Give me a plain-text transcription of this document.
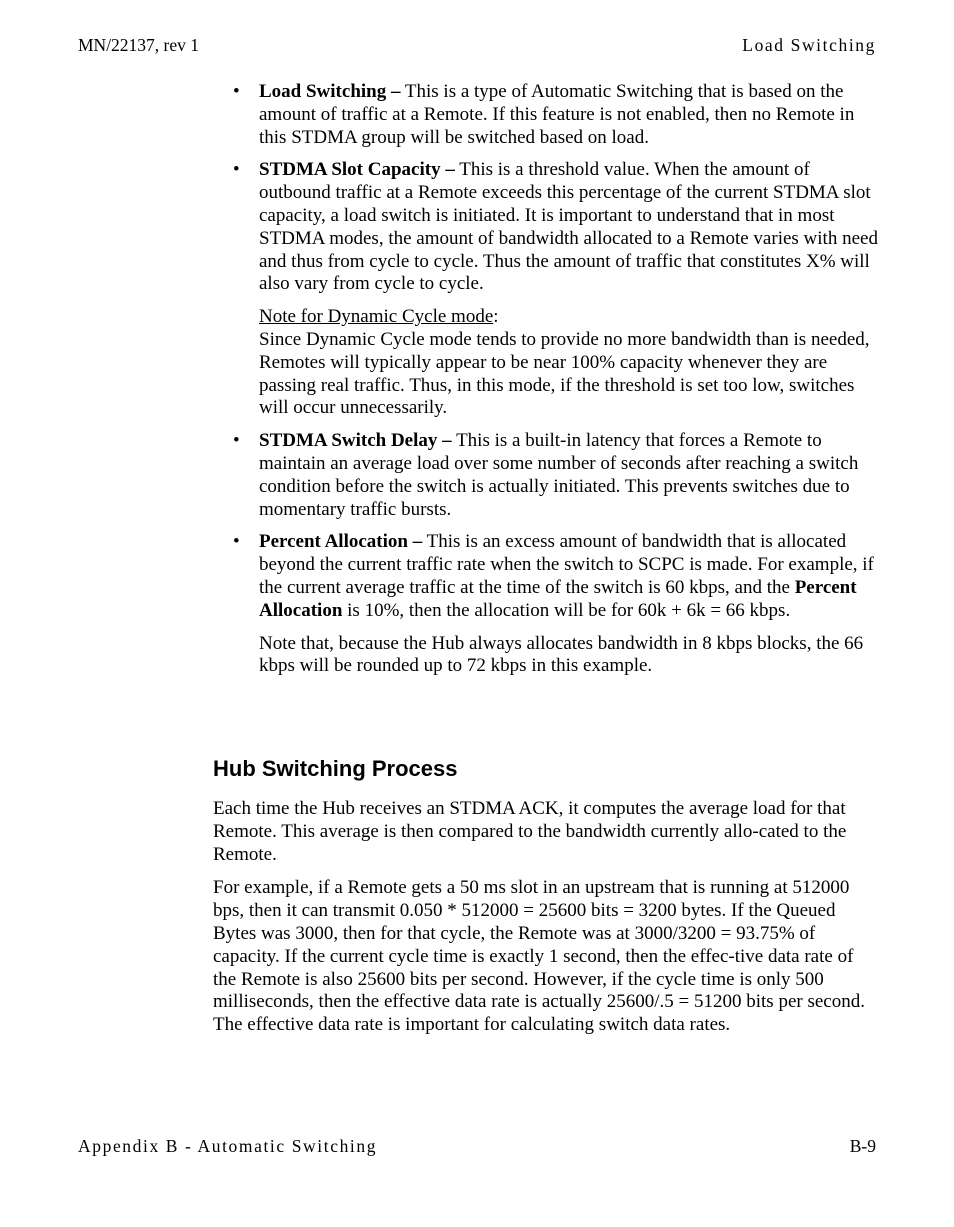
MN/22137, rev 1	Load Switching
• Load Switching – This is a type of Automatic Switching that is based on the amount of traffic at a Remote. If this feature is not enabled, then no Remote in this STDMA group will be switched based on load.

• STDMA Slot Capacity – This is a threshold value. When the amount of outbound traffic at a Remote exceeds this percentage of the current STDMA slot capacity, a load switch is initiated. It is important to understand that in most STDMA modes, the amount of bandwidth allocated to a Remote varies with need and thus from cycle to cycle. Thus the amount of traffic that constitutes X% will also vary from cycle to cycle.

Note for Dynamic Cycle mode:
Since Dynamic Cycle mode tends to provide no more bandwidth than is needed, Remotes will typically appear to be near 100% capacity whenever they are passing real traffic. Thus, in this mode, if the threshold is set too low, switches will occur unnecessarily.

• STDMA Switch Delay – This is a built-in latency that forces a Remote to maintain an average load over some number of seconds after reaching a switch condition before the switch is actually initiated. This prevents switches due to momentary traffic bursts.

• Percent Allocation – This is an excess amount of bandwidth that is allocated beyond the current traffic rate when the switch to SCPC is made. For example, if the current average traffic at the time of the switch is 60 kbps, and the Percent Allocation is 10%, then the allocation will be for 60k + 6k = 66 kbps.

Note that, because the Hub always allocates bandwidth in 8 kbps blocks, the 66 kbps will be rounded up to 72 kbps in this example.

Hub Switching Process

Each time the Hub receives an STDMA ACK, it computes the average load for that Remote. This average is then compared to the bandwidth currently allo-cated to the Remote.

For example, if a Remote gets a 50 ms slot in an upstream that is running at 512000 bps, then it can transmit 0.050 * 512000 = 25600 bits = 3200 bytes. If the Queued Bytes was 3000, then for that cycle, the Remote was at 3000/3200 = 93.75% of capacity. If the current cycle time is exactly 1 second, then the effec-tive data rate of the Remote is also 25600 bits per second. However, if the cycle time is only 500 milliseconds, then the effective data rate is actually 25600/.5 = 51200 bits per second. The effective data rate is important for calculating switch data rates.

Appendix B - Automatic Switching	B-9
